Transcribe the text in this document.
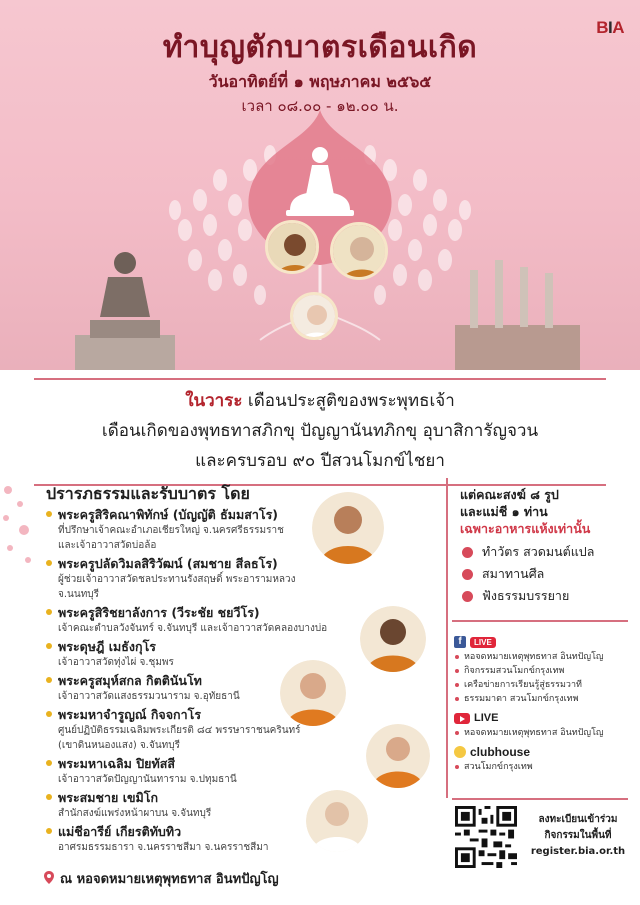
ทำบุญตักบาตรเดือนเกิด
วันอาทิตย์ที่ ๑ พฤษภาคม ๒๕๖๕
เวลา ๐๘.๐๐ - ๑๒.๐๐ น.
BIA
ในวาระ เดือนประสูติของพระพุทธเจ้า
เดือนเกิดของพุทธทาสภิกขุ ปัญญานันทภิกขุ อุบาสิการัญจวน
และครบรอบ ๙๐ ปีสวนโมกข์ไชยา
ปรารภธรรมและรับบาตร โดย
พระครูสิริคณาพิทักษ์ (บัญญัติ ธัมมสาโร)
ที่ปรึกษาเจ้าคณะอำเภอเชียรใหญ่ จ.นครศรีธรรมราช
และเจ้าอาวาสวัดบ่อล้อ
พระครูปลัดวิมลสิริวัฒน์ (สมชาย สีลธโร)
ผู้ช่วยเจ้าอาวาสวัดชลประทานรังสฤษดิ์ พระอารามหลวง
จ.นนทบุรี
พระครูสิริชยาลังการ (วีระชัย ชยวีโร)
เจ้าคณะตำบลวังจันทร์ จ.จันทบุรี และเจ้าอาวาสวัดคลองบางบ่อ
พระดุษฎี เมธังกุโร
เจ้าอาวาสวัดทุ่งไผ่ จ.ชุมพร
พระครูสมุห์สกล กิตตินันโท
เจ้าอาวาสวัดแสงธรรมวนาราม จ.อุทัยธานี
พระมหาจำรูญณ์ กิจจกาโร
ศูนย์ปฏิบัติธรรมเฉลิมพระเกียรติ ๘๔ พรรษาราชนครินทร์
(เขาดินหนองแสง) จ.จันทบุรี
พระมหาเฉลิม ปิยทัสสี
เจ้าอาวาสวัดปัญญานันทาราม จ.ปทุมธานี
พระสมชาย เขมิโก
สำนักสงฆ์แพร่งหน้าผาบน จ.จันทบุรี
แม่ชีอารีย์ เกียรติทับทิว
อาศรมธรรมธารา จ.นครราชสีมา จ.นครราชสีมา
ณ หอจดหมายเหตุพุทธทาส อินทปัญโญ
แต่คณะสงฆ์ ๘ รูป
และแม่ชี ๑ ท่าน
เฉพาะอาหารแห้งเท่านั้น
ทำวัตร สวดมนต์แปล
สมาทานศีล
ฟังธรรมบรรยาย
f	LIVE
หอจดหมายเหตุพุทธทาส อินทปัญโญ
กิจกรรมสวนโมกข์กรุงเทพ
เครือข่ายการเรียนรู้สู่ธรรมวาที
ธรรมมาตา สวนโมกข์กรุงเทพ
LIVE
หอจดหมายเหตุพุทธทาส อินทปัญโญ
clubhouse
สวนโมกข์กรุงเทพ
ลงทะเบียนเข้าร่วม
กิจกรรมในพื้นที่
register.bia.or.th
